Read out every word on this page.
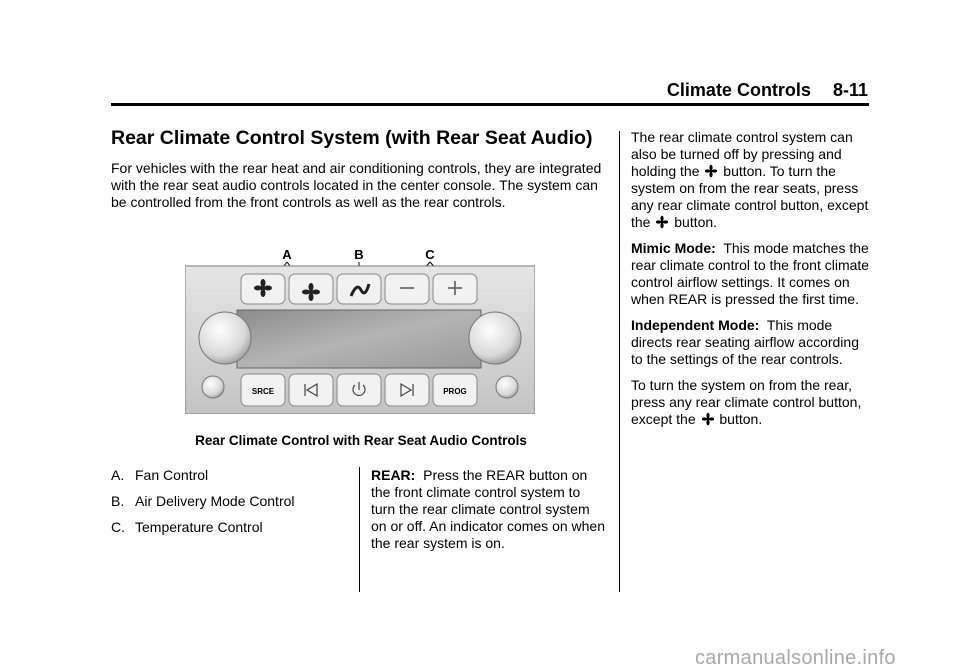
Climate Controls 8-11
Rear Climate Control System (with Rear Seat Audio)

For vehicles with the rear heat and air conditioning controls, they are integrated with the rear seat audio controls located in the center console. The system can be controlled from the front controls as well as the rear controls.

A	B	C
SRCE	PROG
Rear Climate Control with Rear Seat Audio Controls
A. Fan Control
B. Air Delivery Mode Control
C. Temperature Control

REAR: Press the REAR button on the front climate control system to turn the rear climate control system on or off. An indicator comes on when the rear system is on.

The rear climate control system can also be turned off by pressing and holding the button. To turn the system on from the rear seats, press any rear climate control button, except the button.

Mimic Mode: This mode matches the rear climate control to the front climate control airflow settings. It comes on when REAR is pressed the first time.

Independent Mode: This mode directs rear seating airflow according to the settings of the rear controls.

To turn the system on from the rear, press any rear climate control button, except the button.

carmanualsonline.info
